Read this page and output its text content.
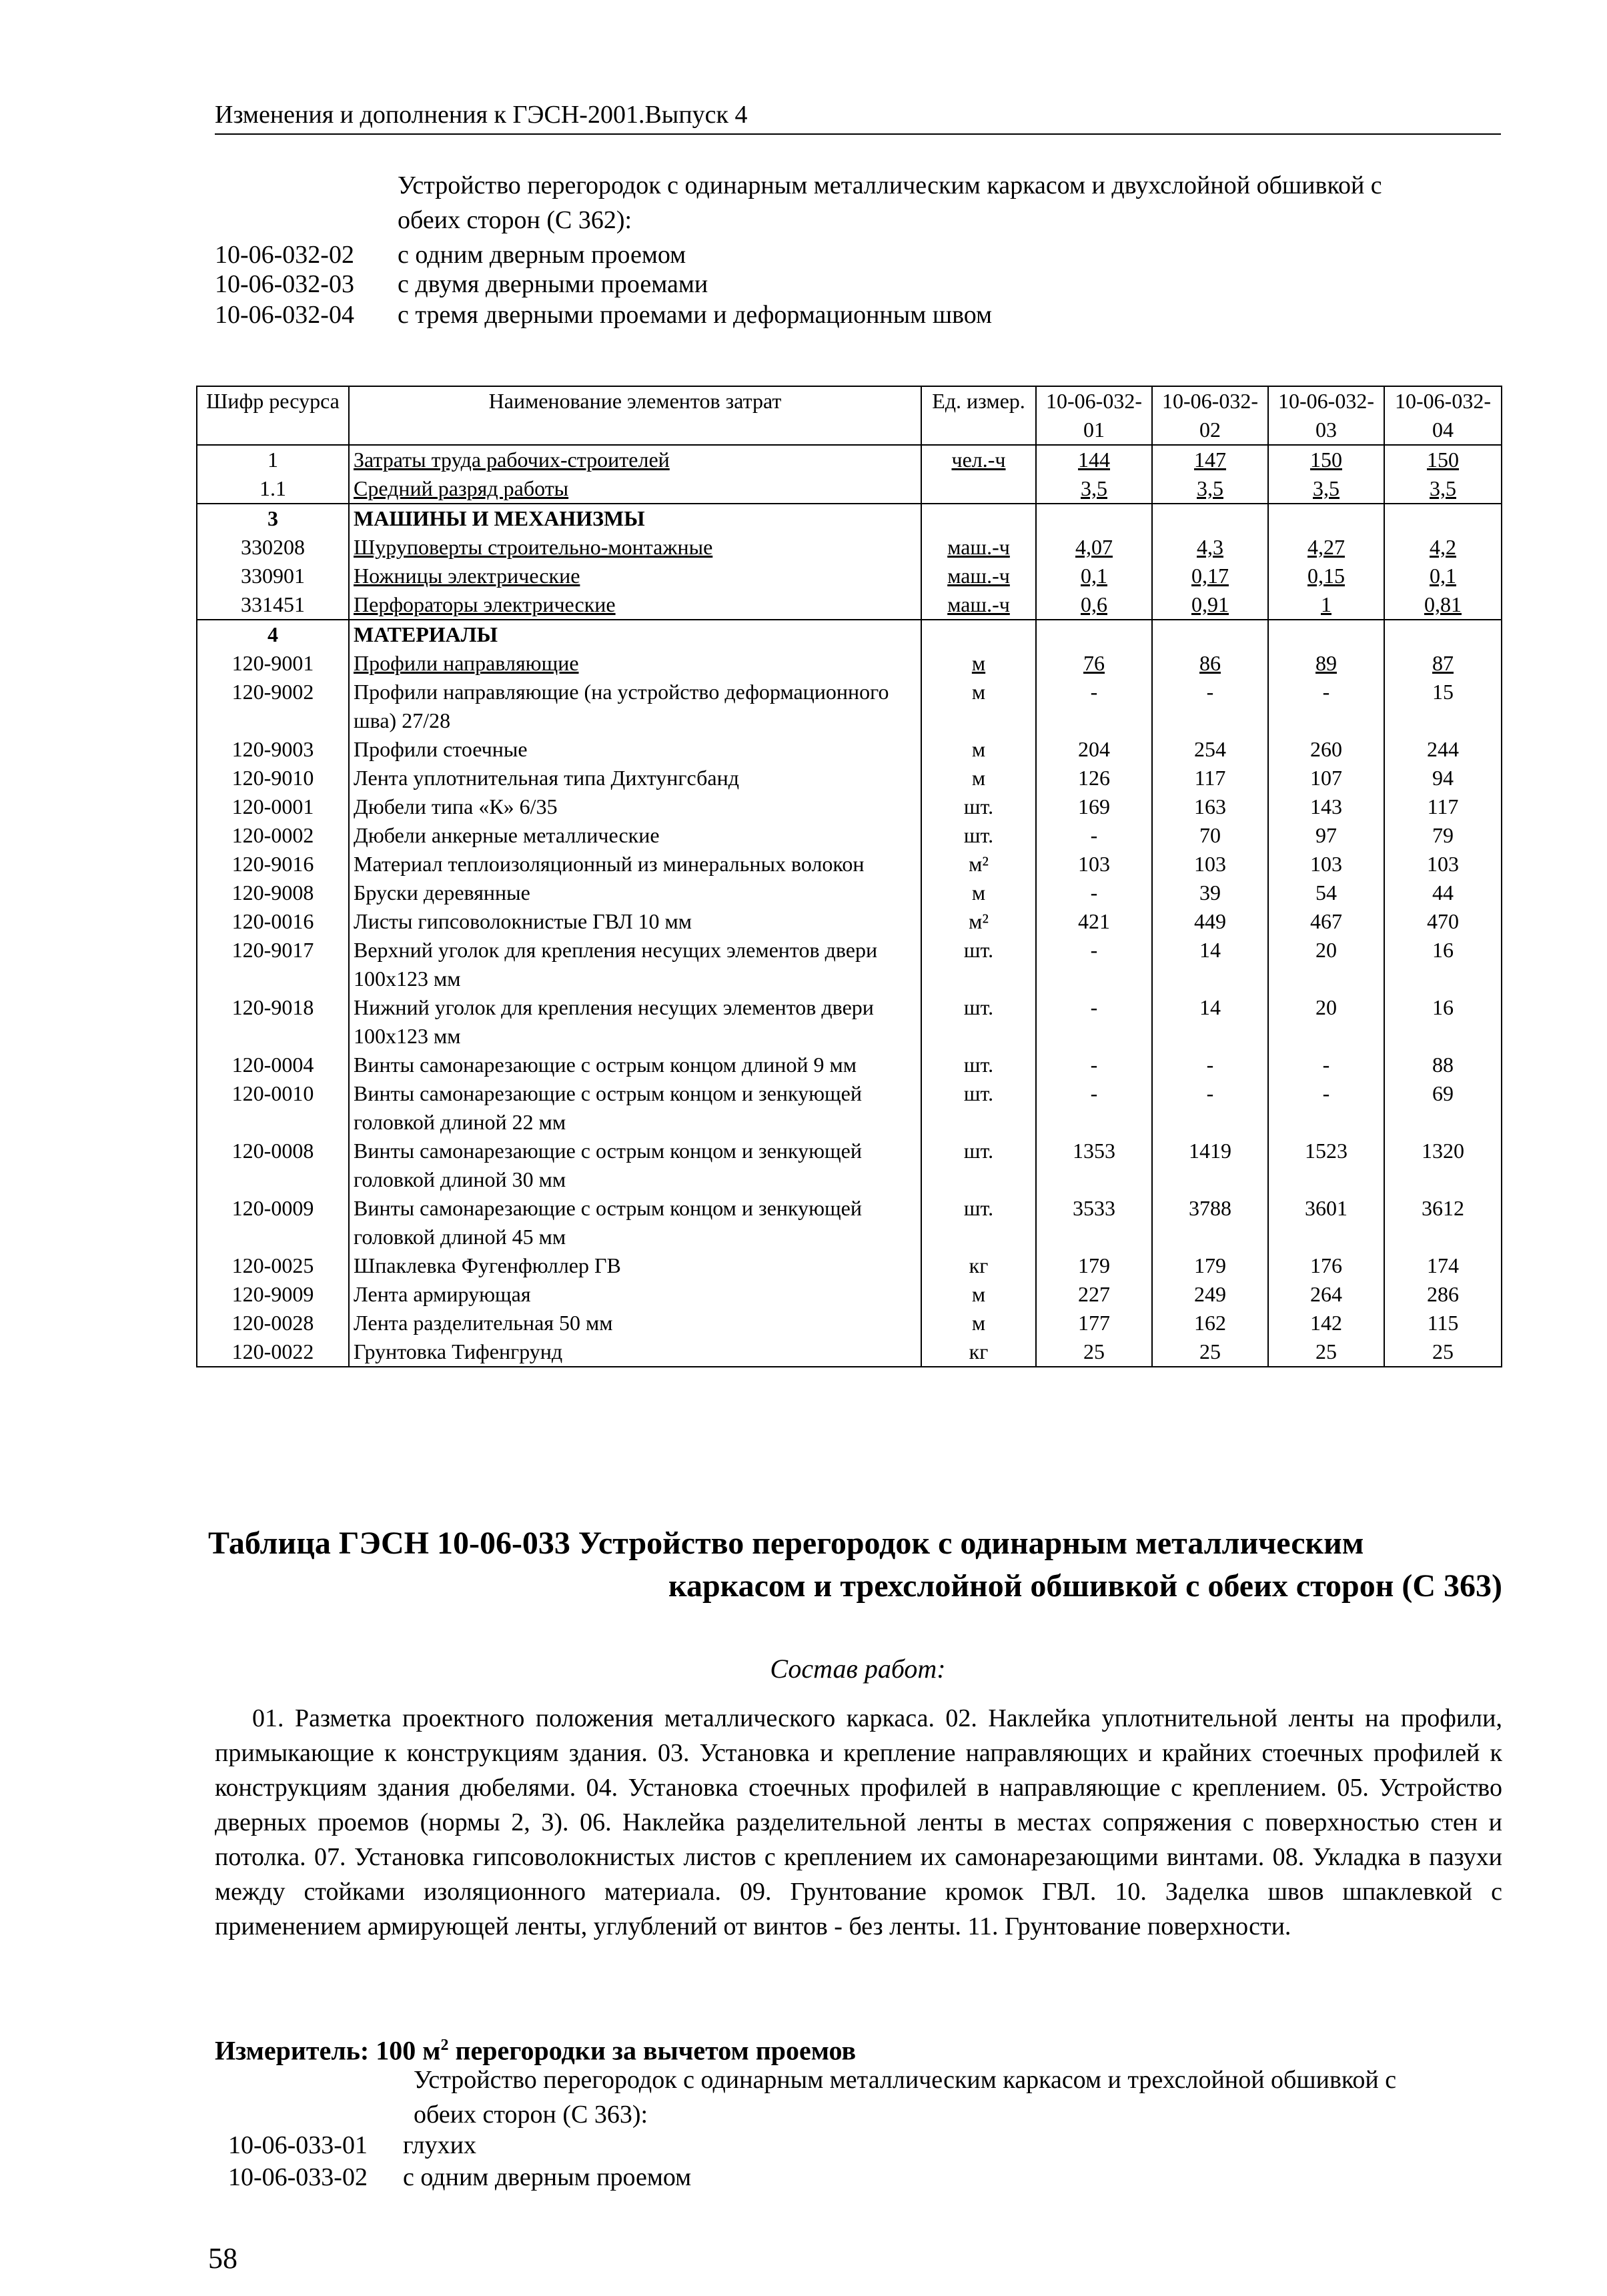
Изменения и дополнения к ГЭСН-2001.Выпуск 4
Устройство перегородок с одинарным металлическим каркасом и двухслойной обшивкой с обеих сторон (С 362):
10-06-032-02 с одним дверным проемом
10-06-032-03 с двумя дверными проемами
10-06-032-04 с тремя дверными проемами и деформационным швом
Шифр ресурса	Наименование элементов затрат	Ед. измер.	10-06-032-01	10-06-032-02	10-06-032-03	10-06-032-04
1	Затраты труда рабочих-строителей	чел.-ч	144	147	150	150
1.1	Средний разряд работы		3,5	3,5	3,5	3,5
3	МАШИНЫ И МЕХАНИЗМЫ					
330208	Шуруповерты строительно-монтажные	маш.-ч	4,07	4,3	4,27	4,2
330901	Ножницы электрические	маш.-ч	0,1	0,17	0,15	0,1
331451	Перфораторы электрические	маш.-ч	0,6	0,91	1	0,81
4	МАТЕРИАЛЫ					
120-9001	Профили направляющие	м	76	86	89	87
120-9002	Профили направляющие (на устройство деформационного шва) 27/28	м	-	-	-	15
120-9003	Профили стоечные	м	204	254	260	244
120-9010	Лента уплотнительная типа Дихтунгсбанд	м	126	117	107	94
120-0001	Дюбели типа «К» 6/35	шт.	169	163	143	117
120-0002	Дюбели анкерные металлические	шт.	-	70	97	79
120-9016	Материал теплоизоляционный из минеральных волокон	м²	103	103	103	103
120-9008	Бруски деревянные	м	-	39	54	44
120-0016	Листы гипсоволокнистые ГВЛ 10 мм	м²	421	449	467	470
120-9017	Верхний уголок для крепления несущих элементов двери 100х123 мм	шт.	-	14	20	16
120-9018	Нижний уголок для крепления несущих элементов двери 100х123 мм	шт.	-	14	20	16
120-0004	Винты самонарезающие с острым концом длиной 9 мм	шт.	-	-	-	88
120-0010	Винты самонарезающие с острым концом и зенкующей головкой длиной 22 мм	шт.	-	-	-	69
120-0008	Винты самонарезающие с острым концом и зенкующей головкой длиной 30 мм	шт.	1353	1419	1523	1320
120-0009	Винты самонарезающие с острым концом и зенкующей головкой длиной 45 мм	шт.	3533	3788	3601	3612
120-0025	Шпаклевка Фугенфюллер ГВ	кг	179	179	176	174
120-9009	Лента армирующая	м	227	249	264	286
120-0028	Лента разделительная 50 мм	м	177	162	142	115
120-0022	Грунтовка Тифенгрунд	кг	25	25	25	25
Таблица ГЭСН 10-06-033 Устройство перегородок с одинарным металлическим
каркасом и трехслойной обшивкой с обеих сторон (С 363)
Состав работ:
01. Разметка проектного положения металлического каркаса. 02. Наклейка уплотнительной ленты на профили, примыкающие к конструкциям здания. 03. Установка и крепление направляющих и крайних стоечных профилей к конструкциям здания дюбелями. 04. Установка стоечных профилей в направляющие с креплением. 05. Устройство дверных проемов (нормы 2, 3). 06. Наклейка разделительной ленты в местах сопряжения с поверхностью стен и потолка. 07. Установка гипсоволокнистых листов с креплением их самонарезающими винтами. 08. Укладка в пазухи между стойками изоляционного материала. 09. Грунтование кромок ГВЛ. 10. Заделка швов шпаклевкой с применением армирующей ленты, углублений от винтов - без ленты. 11. Грунтование поверхности.
Измеритель: 100 $м^2$ перегородки за вычетом проемов
Устройство перегородок с одинарным металлическим каркасом и трехслойной обшивкой с обеих сторон (С 363):
10-06-033-01 глухих
10-06-033-02 с одним дверным проемом
58
